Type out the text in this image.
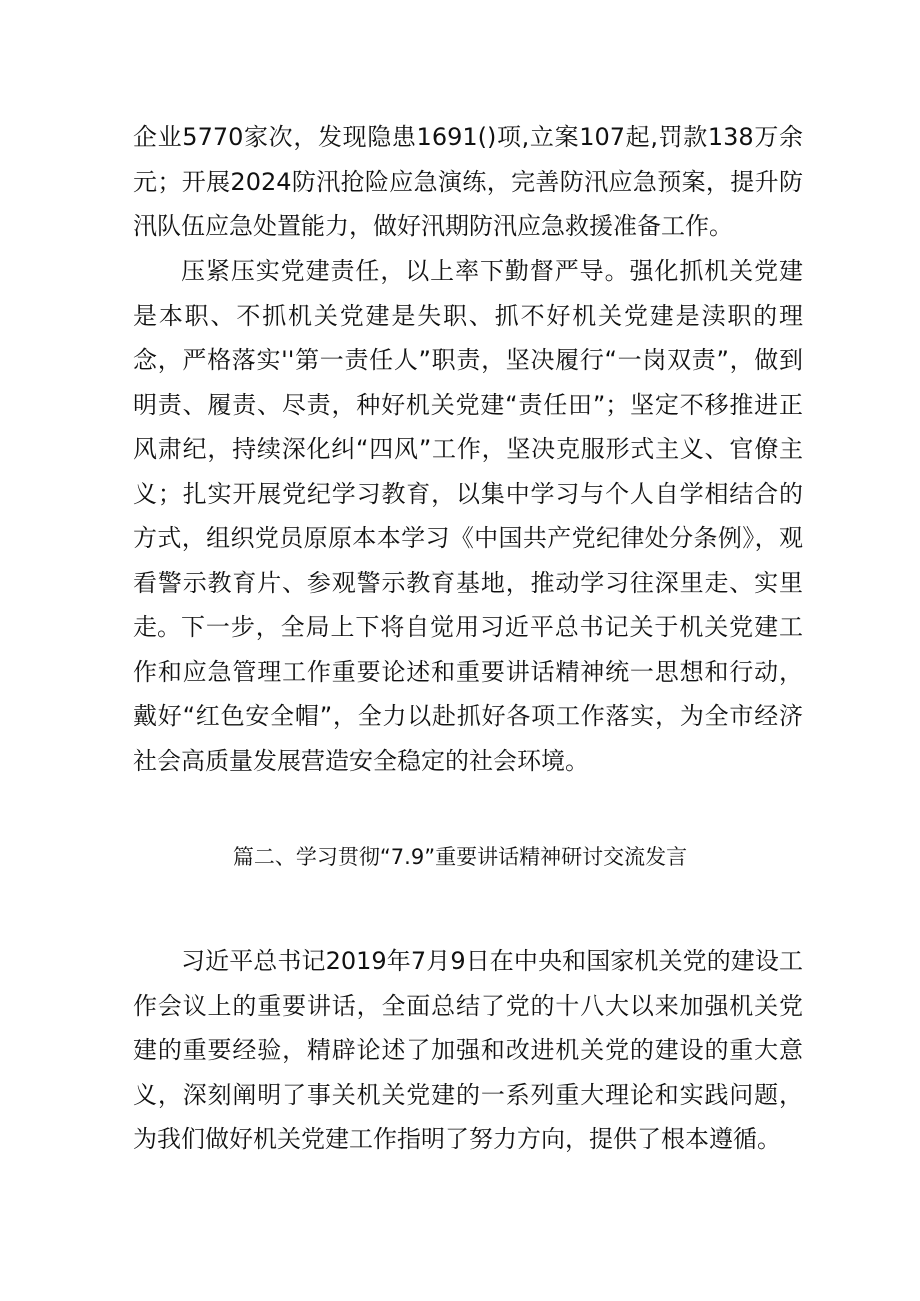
企业5770家次，发现隐患1691()项,立案107起,罚款138万余元；开展2024防汛抢险应急演练，完善防汛应急预案，提升防汛队伍应急处置能力，做好汛期防汛应急救援准备工作。

压紧压实党建责任，以上率下勤督严导。强化抓机关党建是本职、不抓机关党建是失职、抓不好机关党建是渎职的理念，严格落实''第一责任人”职责，坚决履行“一岗双责”，做到明责、履责、尽责，种好机关党建“责任田”；坚定不移推进正风肃纪，持续深化纠“四风”工作，坚决克服形式主义、官僚主义；扎实开展党纪学习教育，以集中学习与个人自学相结合的方式，组织党员原原本本学习《中国共产党纪律处分条例》，观看警示教育片、参观警示教育基地，推动学习往深里走、实里走。 下一步，全局上下将自觉用习近平总书记关于机关党建工作和应急管理工作重要论述和重要讲话精神统一思想和行动，戴好“红色安全帽”，全力以赴抓好各项工作落实，为全市经济社会高质量发展营造安全稳定的社会环境。

篇二、学习贯彻“7.9”重要讲话精神研讨交流发言

习近平总书记2019年7月9日在中央和国家机关党的建设工作会议上的重要讲话，全面总结了党的十八大以来加强机关党建的重要经验，精辟论述了加强和改进机关党的建设的重大意义，深刻阐明了事关机关党建的一系列重大理论和实践问题，为我们做好机关党建工作指明了努力方向，提供了根本遵循。
